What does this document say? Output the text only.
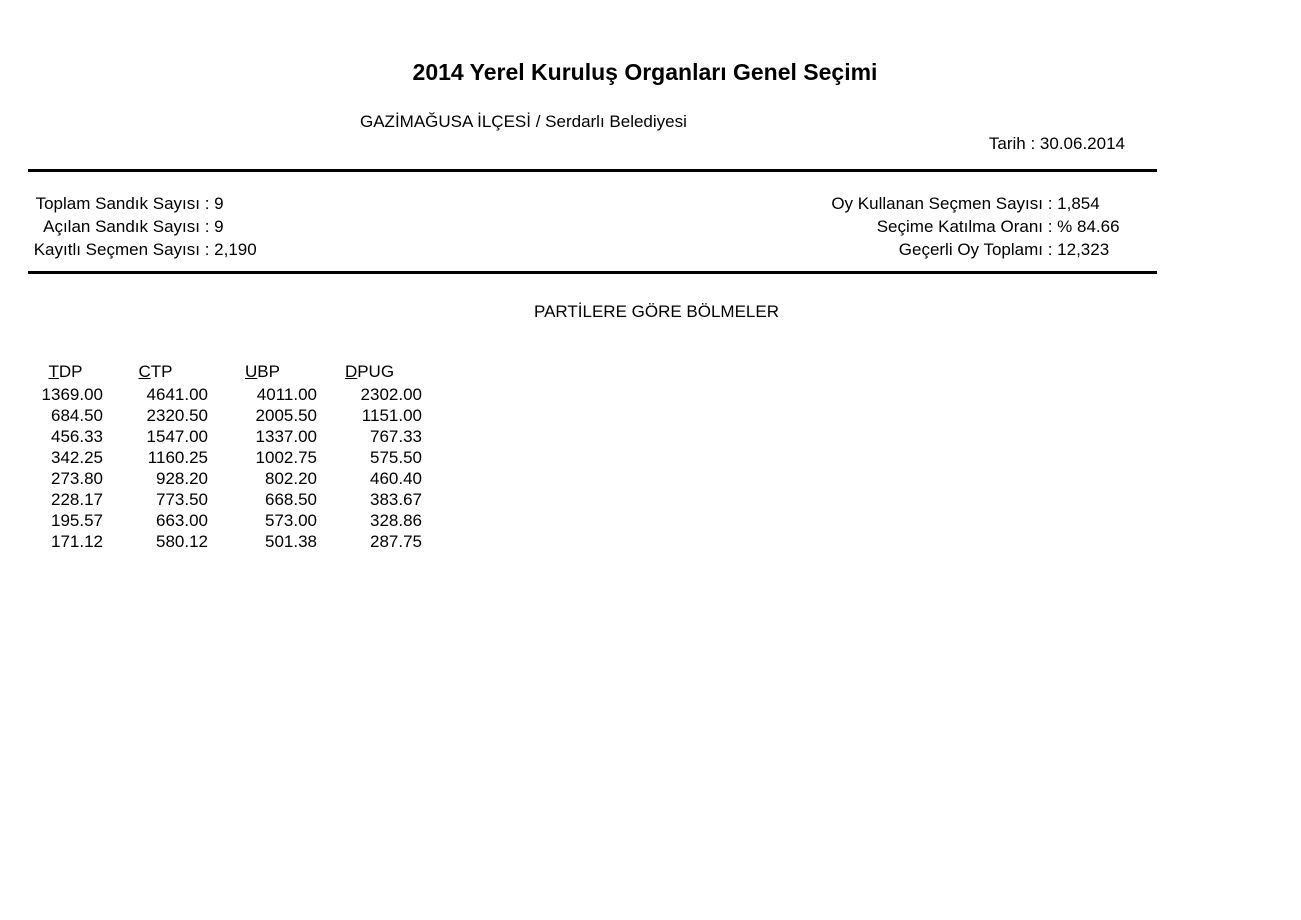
2014 Yerel Kuruluş Organları Genel Seçimi
GAZİMAĞUSA İLÇESİ / Serdarlı Belediyesi
Tarih : 30.06.2014
Toplam Sandık Sayısı : 9
Açılan Sandık Sayısı : 9
Kayıtlı Seçmen Sayısı : 2,190
Oy Kullanan Seçmen Sayısı : 1,854
Seçime Katılma Oranı : % 84.66
Geçerli Oy Toplamı : 12,323
PARTİLERE GÖRE BÖLMELER
TDP	CTP	UBP	DPUG
1369.00	4641.00	4011.00	2302.00
684.50	2320.50	2005.50	1151.00
456.33	1547.00	1337.00	767.33
342.25	1160.25	1002.75	575.50
273.80	928.20	802.20	460.40
228.17	773.50	668.50	383.67
195.57	663.00	573.00	328.86
171.12	580.12	501.38	287.75
